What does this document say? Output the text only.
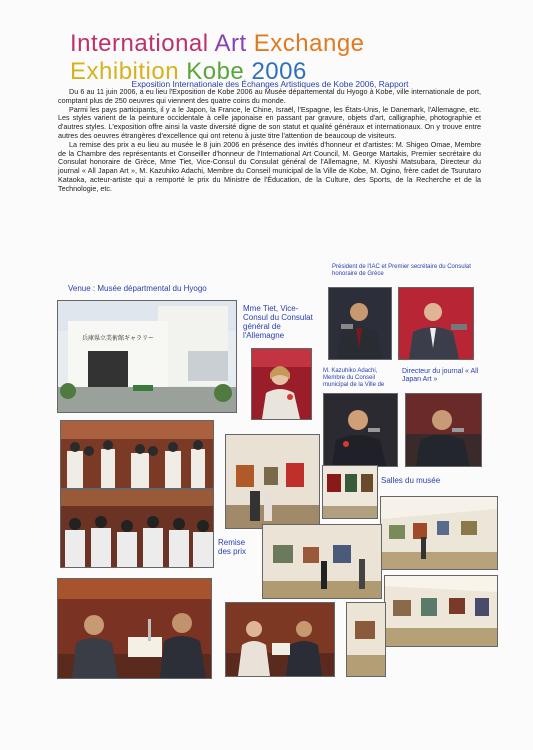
International Art Exchange Exhibition Kobe 2006
Exposition Internationale des Échanges Artistiques de Kobe 2006, Rapport

Du 6 au 11 juin 2006, a eu lieu l'Exposition de Kobe 2006 au Musée départemental du Hyogo à Kobe, ville internationale de port, comptant plus de 250 oeuvres qui viennent des quatre coins du monde.

Parmi les pays participants, il y a le Japon, la France, le Chine, Israël, l'Espagne, les États-Unis, le Danemark, l'Allemagne, etc. Les styles varient de la peinture occidentale à celle japonaise en passant par gravure, objets d'art, calligraphie, photographie et d'autres styles. L'exposition offre ainsi la vaste diversité digne de son statut et qualité généraux et internationaux. On y trouve entre autres des oeuvres étrangères d'excellence qui ont retenu à juste titre l'attention de beaucoup de visiteurs.

La remise des prix a eu lieu au musée le 8 juin 2006 en présence des invités d'honneur et d'artistes: M. Shigeo Omae, Membre de la Chambre des représentants et Conseiller d'honneur de l'International Art Council, M. George Martakis, Premier secrétaire du Consulat honoraire de Grèce, Mme Tiet, Vice-Consul du Consulat général de l'Allemagne, M. Kiyoshi Matsubara, Directeur du journal « All Japan Art », M. Kazuhiko Adachi, Membre du Conseil municipal de la Ville de Kobe, M. Ogino, frère cadet de Tsurutaro Kataoka, acteur-artiste qui a remporté le prix du Ministre de l'Éducation, de la Culture, des Sports, de la Recherche et de la Technologie, etc.

Venue : Musée départmental du Hyogo
Président de l'IAC et Premier secrétaire du Consulat honoraire de Grèce
Mme Tiet, Vice-Consul du Consulat général de l'Allemagne
M. Kazuhiko Adachi, Membre du Conseil municipal de la Ville de
Directeur du journal « All Japan Art »
Salles du musée
Remise des prix
兵庫県立美術館ギャラリー
